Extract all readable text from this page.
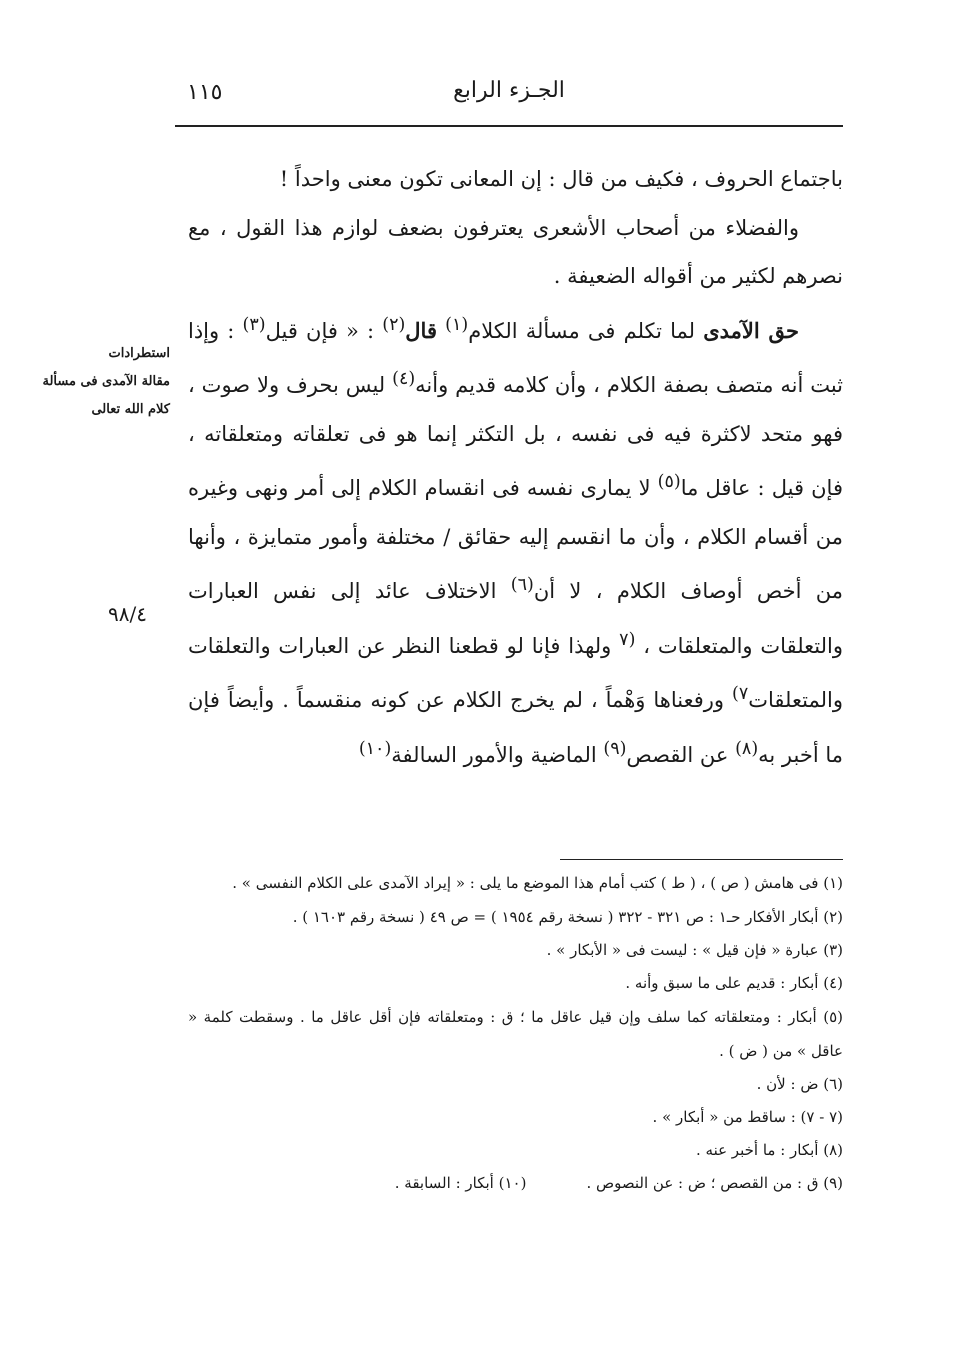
الجـزء الرابع
١١٥

باجتماع الحروف ، فكيف من قال : إن المعانى تكون معنى واحداً !

والفضلاء من أصحاب الأشعرى يعترفون بضعف لوازم هذا القول ، مع نصرهم لكثير من أقواله الضعيفة .

حق الآمدى لما تكلم فى مسألة الكلام$^{(١)}$ قال$^{(٢)}$ : « فإن قيل$^{(٣)}$ : وإذا ثبت أنه متصف بصفة الكلام ، وأن كلامه قديم وأنه$^{(٤)}$ ليس بحرف ولا صوت ، فهو متحد لاكثرة فيه فى نفسه ، بل التكثر إنما هو فى تعلقاته ومتعلقاته ، فإن قيل : عاقل ما$^{(٥)}$ لا يمارى نفسه فى انقسام الكلام إلى أمر ونهى وغيره من أقسام الكلام ، وأن ما انقسم إليه حقائق / مختلفة وأمور متمايزة ، وأنها من أخص أوصاف الكلام ، لا أن$^{(٦)}$ الاختلاف عائد إلى نفس العبارات والتعلقات والمتعلقات ، $^{(٧}$ ولهذا فإنا لو قطعنا النظر عن العبارات والتعلقات والمتعلقات$^{٧)}$ ورفعناها وَهْماً ، لم يخرج الكلام عن كونه منقسماً . وأيضاً فإن ما أخبر به$^{(٨)}$ عن القصص$^{(٩)}$ الماضية والأمور السالفة$^{(١٠)}$

استطرادات
مقالة الآمدى فى مسألة
كلام الله تعالى
٩٨/٤
(١) فى هامش ( ص ) ، ( ط ) كتب أمام هذا الموضع ما يلى : « إيراد الآمدى على الكلام النفسى » .
(٢) أبكار الأفكار حـ١ : ص ٣٢١ - ٣٢٢ ( نسخة رقم ١٩٥٤ ) = ص ٤٩ ( نسخة رقم ١٦٠٣ ) .
(٣) عبارة « فإن قيل » : ليست فى « الأبكار » .
(٤) أبكار : قديم على ما سبق وأنه .
(٥) أبكار : ومتعلقاته كما سلف وإن قيل عاقل ما ؛ ق : ومتعلقاته فإن أقل عاقل ما . وسقطت كلمة « عاقل » من ( ض ) .
(٦) ض : لأن .
(٧ - ٧) : ساقط من « أبكار » .
(٨) أبكار : ما أخبر عنه .
(٩) ق : من القصص ؛ ض : عن النصوص .(١٠) أبكار : السابقة .
